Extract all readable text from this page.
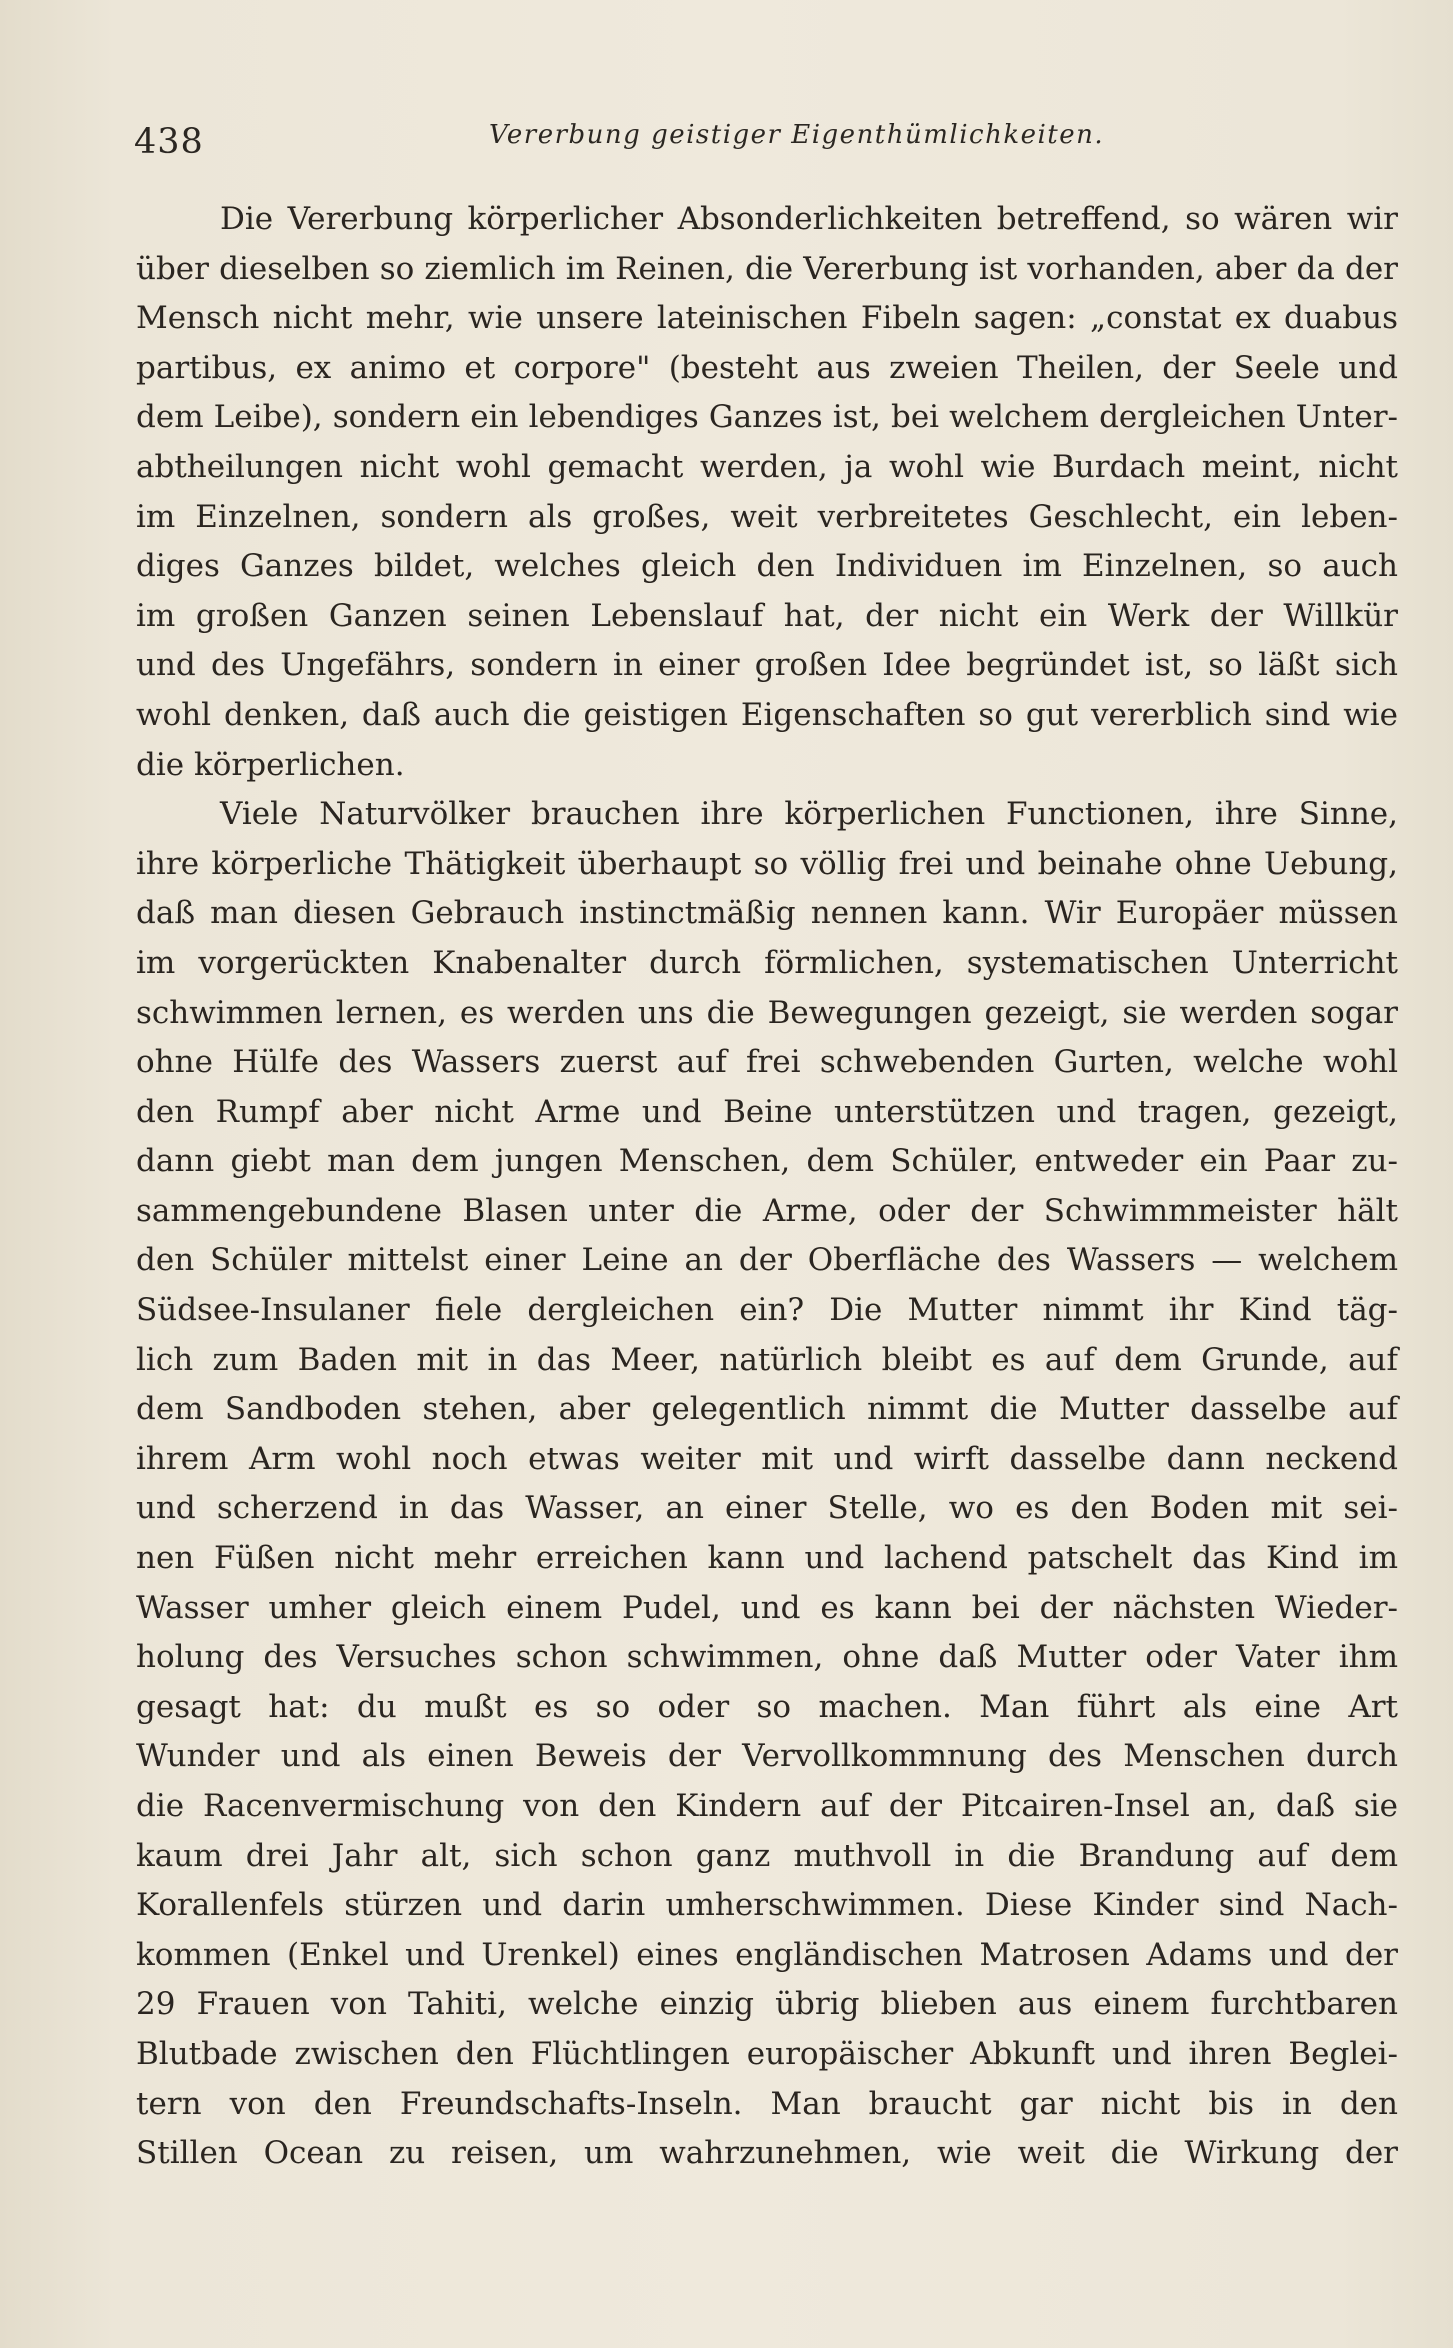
438	Vererbung geistiger Eigenthümlichkeiten.
Die Vererbung körperlicher Absonderlichkeiten betreffend, so wären wir
über dieselben so ziemlich im Reinen, die Vererbung ist vorhanden, aber da der
Mensch nicht mehr, wie unsere lateinischen Fibeln sagen: „constat ex duabus
partibus, ex animo et corpore" (besteht aus zweien Theilen, der Seele und
dem Leibe), sondern ein lebendiges Ganzes ist, bei welchem dergleichen Unter-
abtheilungen nicht wohl gemacht werden, ja wohl wie Burdach meint, nicht
im Einzelnen, sondern als großes, weit verbreitetes Geschlecht, ein leben-
diges Ganzes bildet, welches gleich den Individuen im Einzelnen, so auch
im großen Ganzen seinen Lebenslauf hat, der nicht ein Werk der Willkür
und des Ungefährs, sondern in einer großen Idee begründet ist, so läßt sich
wohl denken, daß auch die geistigen Eigenschaften so gut vererblich sind wie
die körperlichen.
Viele Naturvölker brauchen ihre körperlichen Functionen, ihre Sinne,
ihre körperliche Thätigkeit überhaupt so völlig frei und beinahe ohne Uebung,
daß man diesen Gebrauch instinctmäßig nennen kann. Wir Europäer müssen
im vorgerückten Knabenalter durch förmlichen, systematischen Unterricht
schwimmen lernen, es werden uns die Bewegungen gezeigt, sie werden sogar
ohne Hülfe des Wassers zuerst auf frei schwebenden Gurten, welche wohl
den Rumpf aber nicht Arme und Beine unterstützen und tragen, gezeigt,
dann giebt man dem jungen Menschen, dem Schüler, entweder ein Paar zu-
sammengebundene Blasen unter die Arme, oder der Schwimmmeister hält
den Schüler mittelst einer Leine an der Oberfläche des Wassers — welchem
Südsee-Insulaner fiele dergleichen ein? Die Mutter nimmt ihr Kind täg-
lich zum Baden mit in das Meer, natürlich bleibt es auf dem Grunde, auf
dem Sandboden stehen, aber gelegentlich nimmt die Mutter dasselbe auf
ihrem Arm wohl noch etwas weiter mit und wirft dasselbe dann neckend
und scherzend in das Wasser, an einer Stelle, wo es den Boden mit sei-
nen Füßen nicht mehr erreichen kann und lachend patschelt das Kind im
Wasser umher gleich einem Pudel, und es kann bei der nächsten Wieder-
holung des Versuches schon schwimmen, ohne daß Mutter oder Vater ihm
gesagt hat: du mußt es so oder so machen. Man führt als eine Art
Wunder und als einen Beweis der Vervollkommnung des Menschen durch
die Racenvermischung von den Kindern auf der Pitcairen-Insel an, daß sie
kaum drei Jahr alt, sich schon ganz muthvoll in die Brandung auf dem
Korallenfels stürzen und darin umherschwimmen. Diese Kinder sind Nach-
kommen (Enkel und Urenkel) eines engländischen Matrosen Adams und der
29 Frauen von Tahiti, welche einzig übrig blieben aus einem furchtbaren
Blutbade zwischen den Flüchtlingen europäischer Abkunft und ihren Beglei-
tern von den Freundschafts-Inseln. Man braucht gar nicht bis in den
Stillen Ocean zu reisen, um wahrzunehmen, wie weit die Wirkung der
